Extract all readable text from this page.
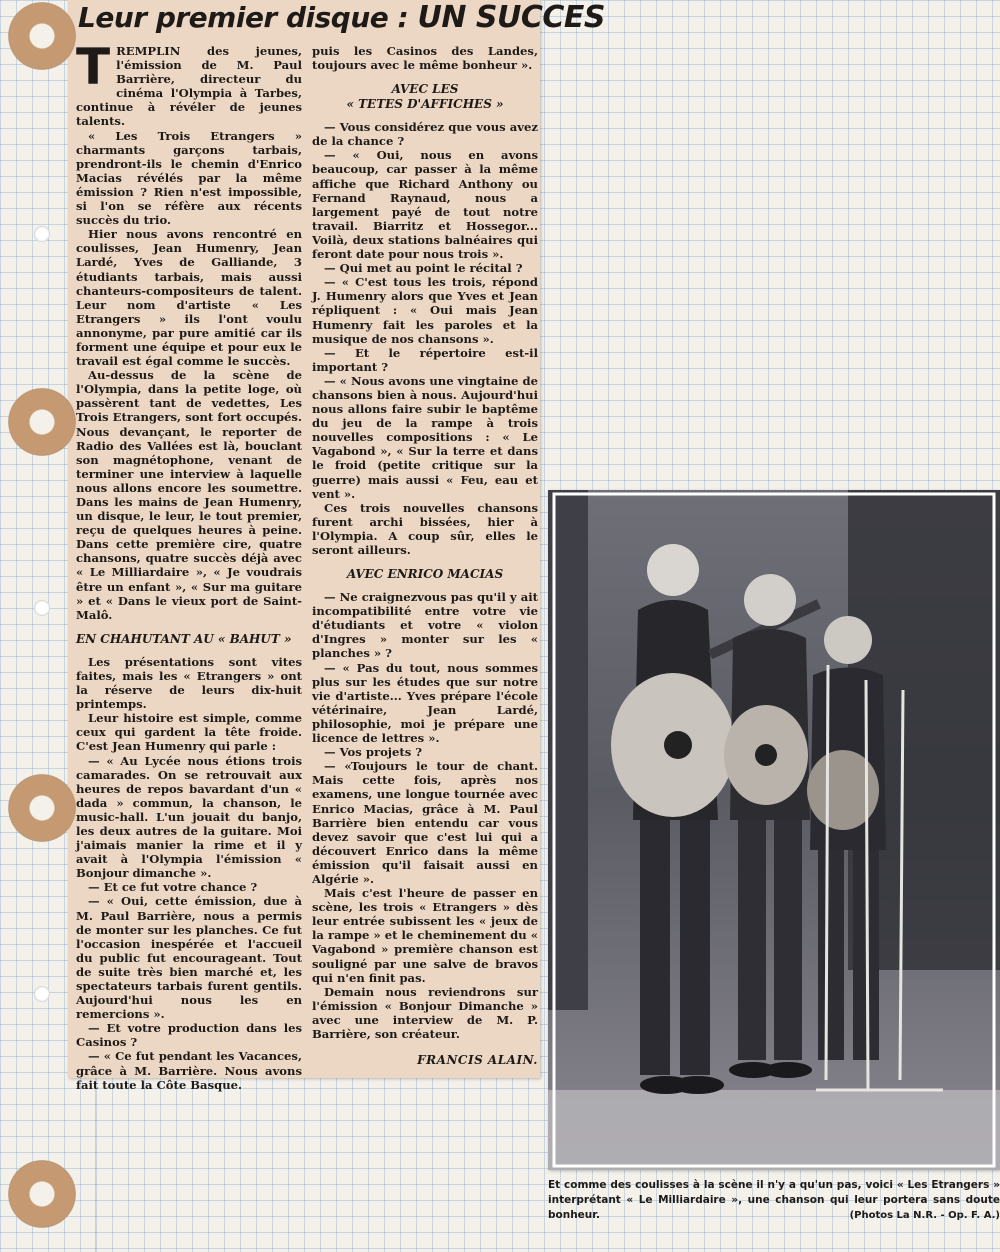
Leur premier disque : UN SUCCES

TREMPLIN des jeunes, l'émission de M. Paul Barrière, directeur du cinéma l'Olympia à Tarbes, continue à révéler de jeunes talents.

« Les Trois Etrangers » charmants garçons tarbais, prendront-ils le chemin d'Enrico Macias révélés par la même émission ? Rien n'est impossible, si l'on se réfère aux récents succès du trio.

Hier nous avons rencontré en coulisses, Jean Humenry, Jean Lardé, Yves de Galliande, 3 étudiants tarbais, mais aussi chanteurs-compositeurs de talent. Leur nom d'artiste « Les Etrangers » ils l'ont voulu annonyme, par pure amitié car ils forment une équipe et pour eux le travail est égal comme le succès.

Au-dessus de la scène de l'Olympia, dans la petite loge, où passèrent tant de vedettes, Les Trois Etrangers, sont fort occupés. Nous devançant, le reporter de Radio des Vallées est là, bouclant son magnétophone, venant de terminer une interview à laquelle nous allons encore les soumettre. Dans les mains de Jean Humenry, un disque, le leur, le tout premier, reçu de quelques heures à peine. Dans cette première cire, quatre chansons, quatre succès déjà avec « Le Milliardaire », « Je voudrais être un enfant », « Sur ma guitare » et « Dans le vieux port de Saint-Malô.

EN CHAHUTANT AU « BAHUT »

Les présentations sont vites faites, mais les « Etrangers » ont la réserve de leurs dix-huit printemps.

Leur histoire est simple, comme ceux qui gardent la tête froide. C'est Jean Humenry qui parle :

— « Au Lycée nous étions trois camarades. On se retrouvait aux heures de repos bavardant d'un « dada » commun, la chanson, le music-hall. L'un jouait du banjo, les deux autres de la guitare. Moi j'aimais manier la rime et il y avait à l'Olympia l'émission « Bonjour dimanche ».

— Et ce fut votre chance ?

— « Oui, cette émission, due à M. Paul Barrière, nous a permis de monter sur les planches. Ce fut l'occasion inespérée et l'accueil du public fut encourageant. Tout de suite très bien marché et, les spectateurs tarbais furent gentils. Aujourd'hui nous les en remercions ».

— Et votre production dans les Casinos ?

— « Ce fut pendant les Vacances, grâce à M. Barrière. Nous avons fait toute la Côte Basque.

puis les Casinos des Landes, toujours avec le même bonheur ».

AVEC LES
« TETES D'AFFICHES »

— Vous considérez que vous avez de la chance ?

— « Oui, nous en avons beaucoup, car passer à la même affiche que Richard Anthony ou Fernand Raynaud, nous a largement payé de tout notre travail. Biarritz et Hossegor... Voilà, deux stations balnéaires qui feront date pour nous trois ».

— Qui met au point le récital ?

— « C'est tous les trois, répond J. Humenry alors que Yves et Jean répliquent : « Oui mais Jean Humenry fait les paroles et la musique de nos chansons ».

— Et le répertoire est-il important ?

— « Nous avons une vingtaine de chansons bien à nous. Aujourd'hui nous allons faire subir le baptême du jeu de la rampe à trois nouvelles compositions : « Le Vagabond », « Sur la terre et dans le froid (petite critique sur la guerre) mais aussi « Feu, eau et vent ».

Ces trois nouvelles chansons furent archi bissées, hier à l'Olympia. A coup sûr, elles le seront ailleurs.

AVEC ENRICO MACIAS

— Ne craignezvous pas qu'il y ait incompatibilité entre votre vie d'étudiants et votre « violon d'Ingres » monter sur les « planches » ?

— « Pas du tout, nous sommes plus sur les études que sur notre vie d'artiste... Yves prépare l'école vétérinaire, Jean Lardé, philosophie, moi je prépare une licence de lettres ».

— Vos projets ?

— «Toujours le tour de chant. Mais cette fois, après nos examens, une longue tournée avec Enrico Macias, grâce à M. Paul Barrière bien entendu car vous devez savoir que c'est lui qui a découvert Enrico dans la même émission qu'il faisait aussi en Algérie ».

Mais c'est l'heure de passer en scène, les trois « Etrangers » dès leur entrée subissent les « jeux de la rampe » et le cheminement du « Vagabond » première chanson est souligné par une salve de bravos qui n'en finit pas.

Demain nous reviendrons sur l'émission « Bonjour Dimanche » avec une interview de M. P. Barrière, son créateur.

FRANCIS ALAIN.
Et comme des coulisses à la scène il n'y a qu'un pas, voici « Les Etrangers » interprétant « Le Milliardaire », une chanson qui leur portera sans doute bonheur.	(Photos La N.R. - Op. F. A.)
